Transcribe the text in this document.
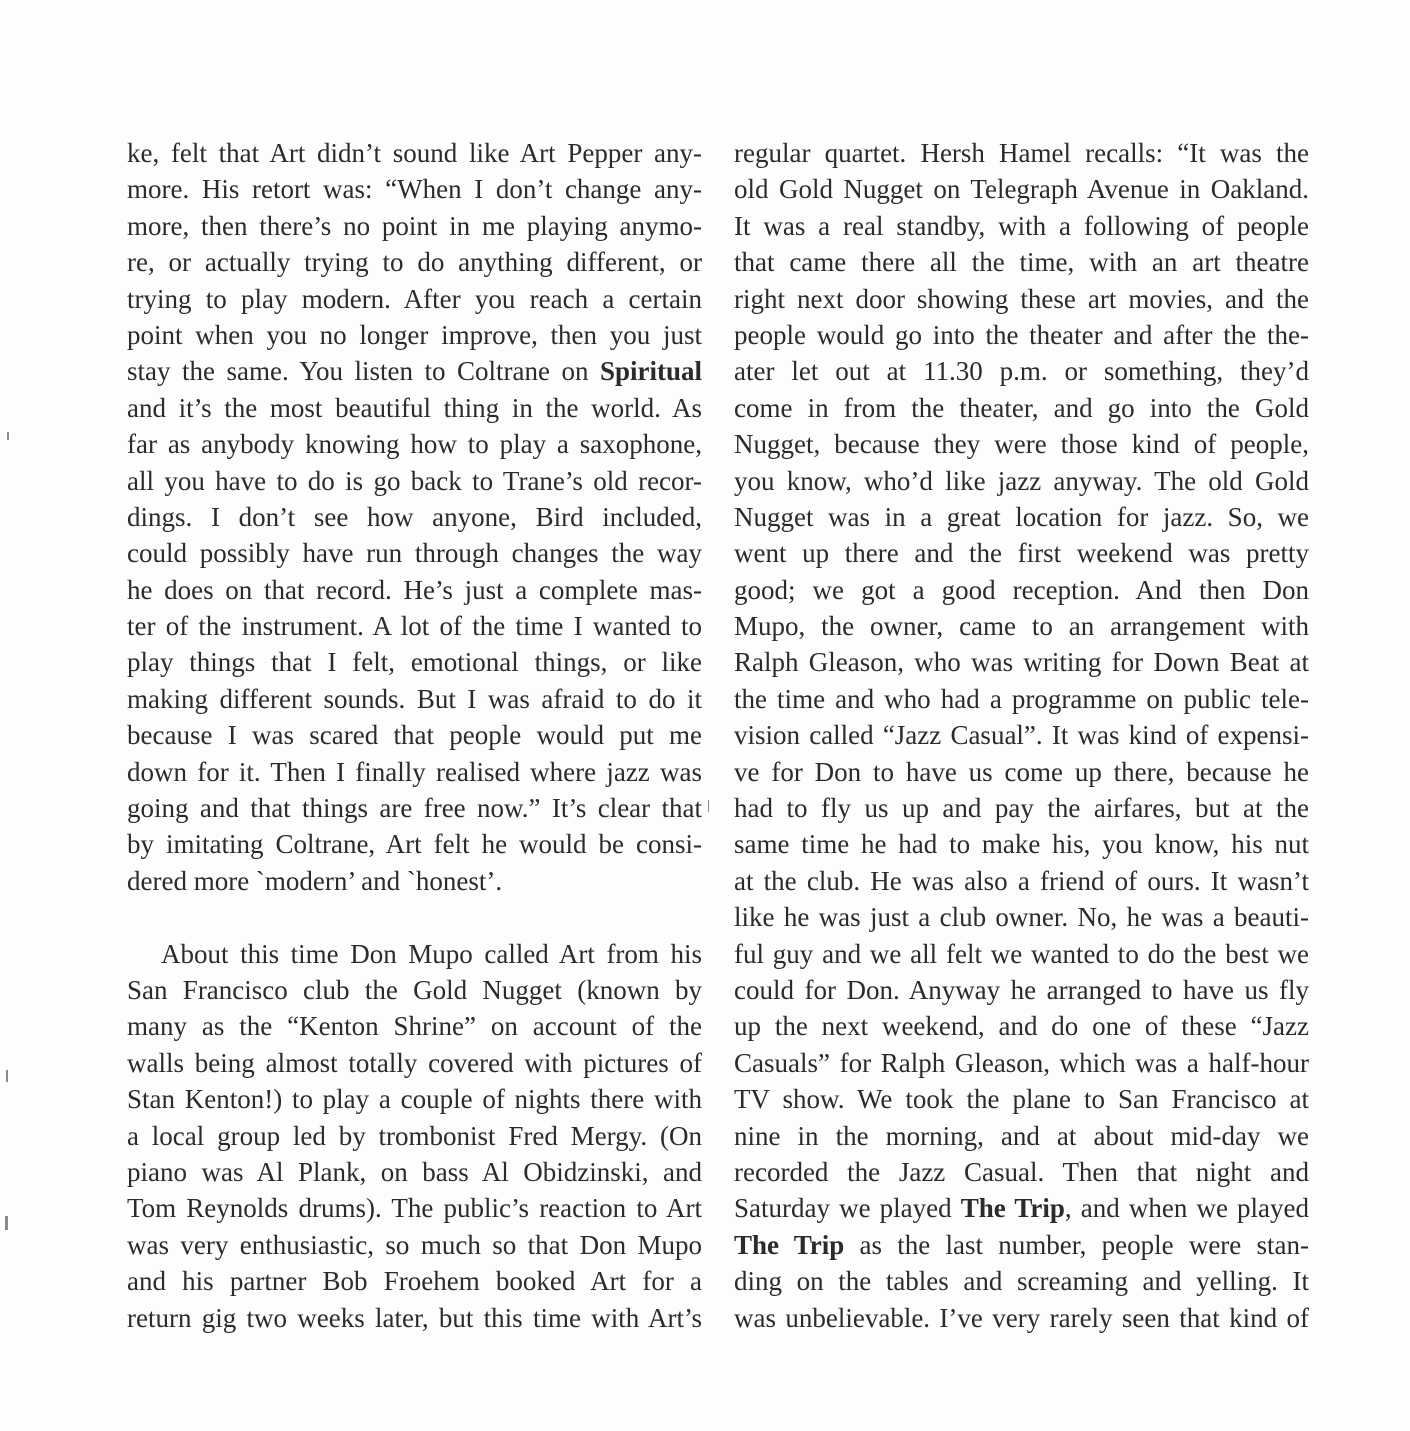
ke, felt that Art didn’t sound like Art Pepper any-
more. His retort was: “When I don’t change any-
more, then there’s no point in me playing anymo-
re, or actually trying to do anything different, or
trying to play modern. After you reach a certain
point when you no longer improve, then you just
stay the same. You listen to Coltrane on Spiritual
and it’s the most beautiful thing in the world. As
far as anybody knowing how to play a saxophone,
all you have to do is go back to Trane’s old recor-
dings. I don’t see how anyone, Bird included,
could possibly have run through changes the way
he does on that record. He’s just a complete mas-
ter of the instrument. A lot of the time I wanted to
play things that I felt, emotional things, or like
making different sounds. But I was afraid to do it
because I was scared that people would put me
down for it. Then I finally realised where jazz was
going and that things are free now.” It’s clear that
by imitating Coltrane, Art felt he would be consi-
dered more `modern’ and `honest’.
About this time Don Mupo called Art from his
San Francisco club the Gold Nugget (known by
many as the “Kenton Shrine” on account of the
walls being almost totally covered with pictures of
Stan Kenton!) to play a couple of nights there with
a local group led by trombonist Fred Mergy. (On
piano was Al Plank, on bass Al Obidzinski, and
Tom Reynolds drums). The public’s reaction to Art
was very enthusiastic, so much so that Don Mupo
and his partner Bob Froehem booked Art for a
return gig two weeks later, but this time with Art’s
regular quartet. Hersh Hamel recalls: “It was the
old Gold Nugget on Telegraph Avenue in Oakland.
It was a real standby, with a following of people
that came there all the time, with an art theatre
right next door showing these art movies, and the
people would go into the theater and after the the-
ater let out at 11.30 p.m. or something, they’d
come in from the theater, and go into the Gold
Nugget, because they were those kind of people,
you know, who’d like jazz anyway. The old Gold
Nugget was in a great location for jazz. So, we
went up there and the first weekend was pretty
good; we got a good reception. And then Don
Mupo, the owner, came to an arrangement with
Ralph Gleason, who was writing for Down Beat at
the time and who had a programme on public tele-
vision called “Jazz Casual”. It was kind of expensi-
ve for Don to have us come up there, because he
had to fly us up and pay the airfares, but at the
same time he had to make his, you know, his nut
at the club. He was also a friend of ours. It wasn’t
like he was just a club owner. No, he was a beauti-
ful guy and we all felt we wanted to do the best we
could for Don. Anyway he arranged to have us fly
up the next weekend, and do one of these “Jazz
Casuals” for Ralph Gleason, which was a half-hour
TV show. We took the plane to San Francisco at
nine in the morning, and at about mid-day we
recorded the Jazz Casual. Then that night and
Saturday we played The Trip, and when we played
The Trip as the last number, people were stan-
ding on the tables and screaming and yelling. It
was unbelievable. I’ve very rarely seen that kind of
